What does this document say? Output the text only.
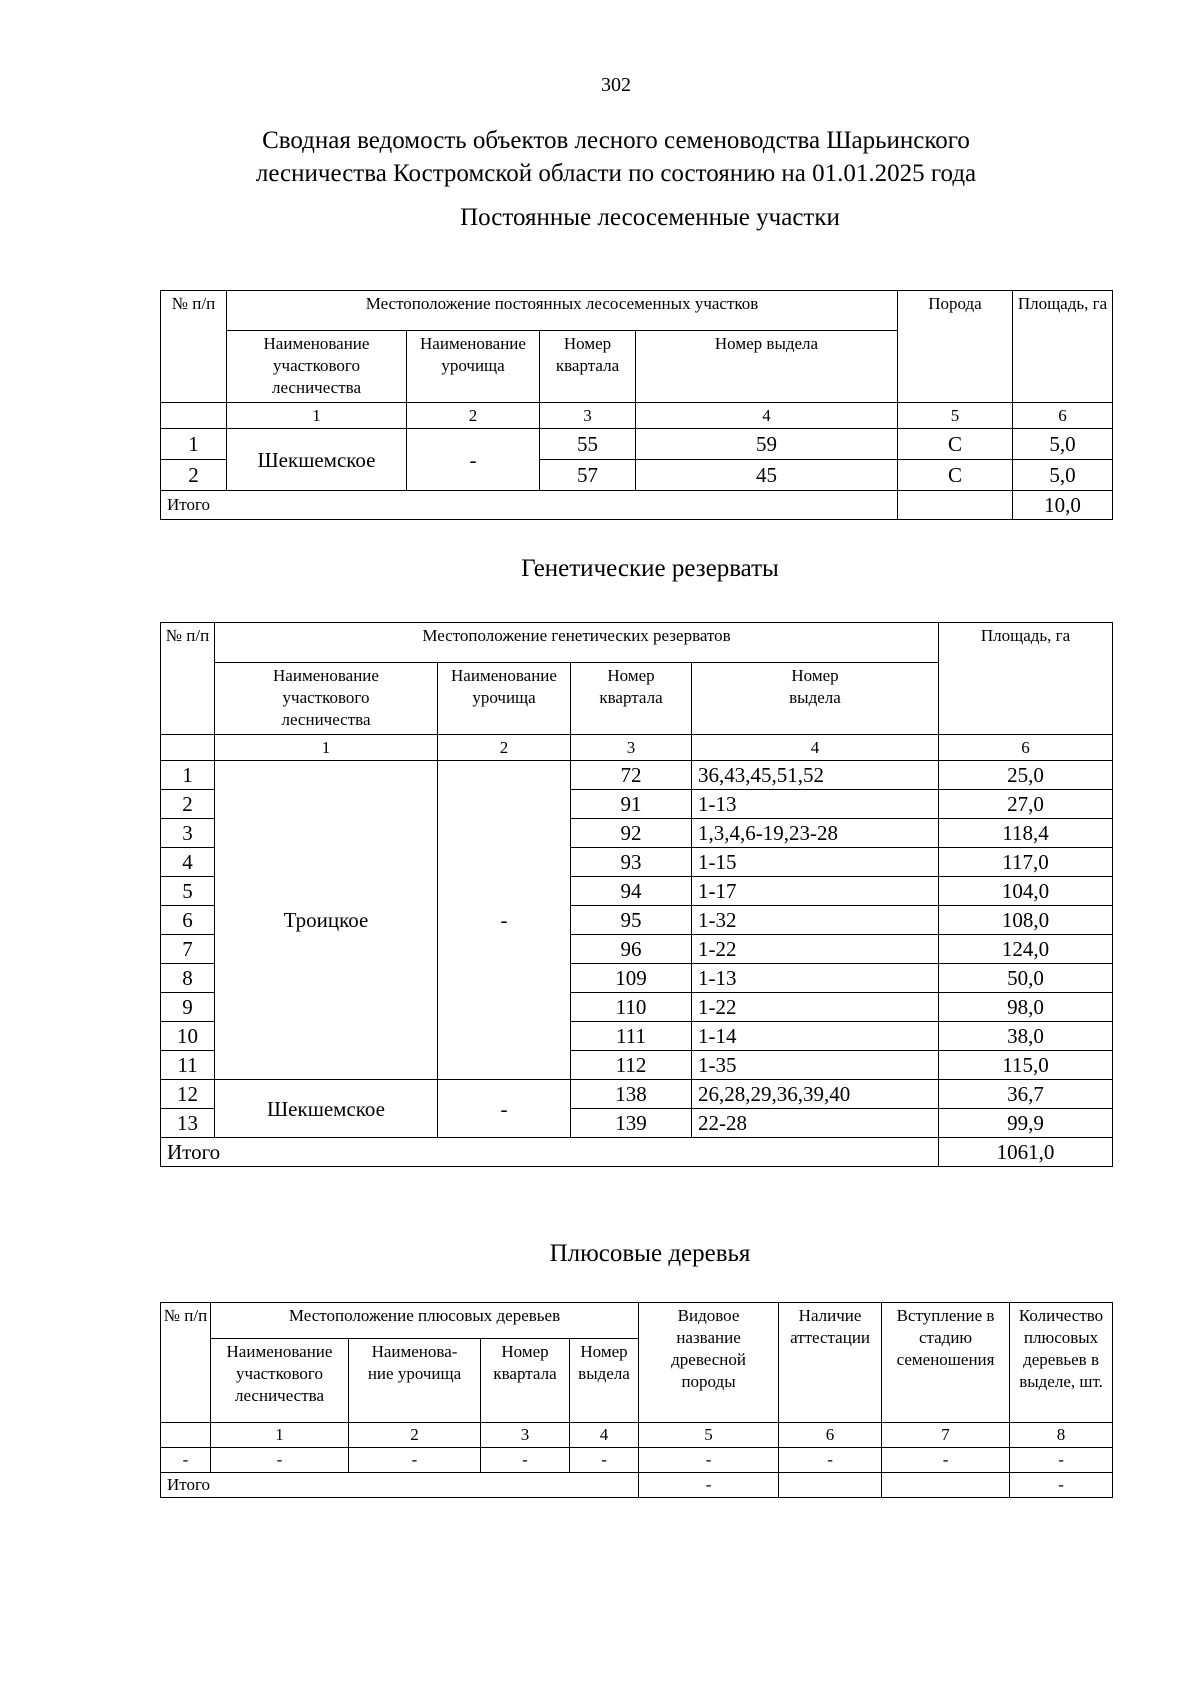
302
Сводная ведомость объектов лесного семеноводства Шарьинского
лесничества Костромской области по состоянию на 01.01.2025 года
Постоянные лесосеменные участки
№ п/п	Местоположение постоянных лесосеменных участков				Порода	Площадь, га
	Наименование участкового лесничества	Наименование урочища	Номер квартала	Номер выдела		
	1	2	3	4	5	6
1	Шекшемское	-	55	59	С	5,0
2			57	45	С	5,0
Итого						10,0
Генетические резерваты
№ п/п	Местоположение генетических резерватов				Площадь, га
	Наименование участкового лесничества	Наименование урочища	Номер квартала	Номер выдела	
	1	2	3	4	6
1	Троицкое	-	72	36,43,45,51,52	25,0
2			91	1-13	27,0
3			92	1,3,4,6-19,23-28	118,4
4			93	1-15	117,0
5			94	1-17	104,0
6			95	1-32	108,0
7			96	1-22	124,0
8			109	1-13	50,0
9			110	1-22	98,0
10			111	1-14	38,0
11			112	1-35	115,0
12	Шекшемское	-	138	26,28,29,36,39,40	36,7
13			139	22-28	99,9
Итого					1061,0
Плюсовые деревья
№ п/п	Местоположение плюсовых деревьев				Видовое название древесной породы	Наличие аттестации	Вступление в стадию семеношения	Количество плюсовых деревьев в выделе, шт.
	Наименование участкового лесничества	Наименова- ние урочища	Номер квартала	Номер выдела				
	1	2	3	4	5	6	7	8
-	-	-	-	-	-	-	-	-
Итого					-			-
